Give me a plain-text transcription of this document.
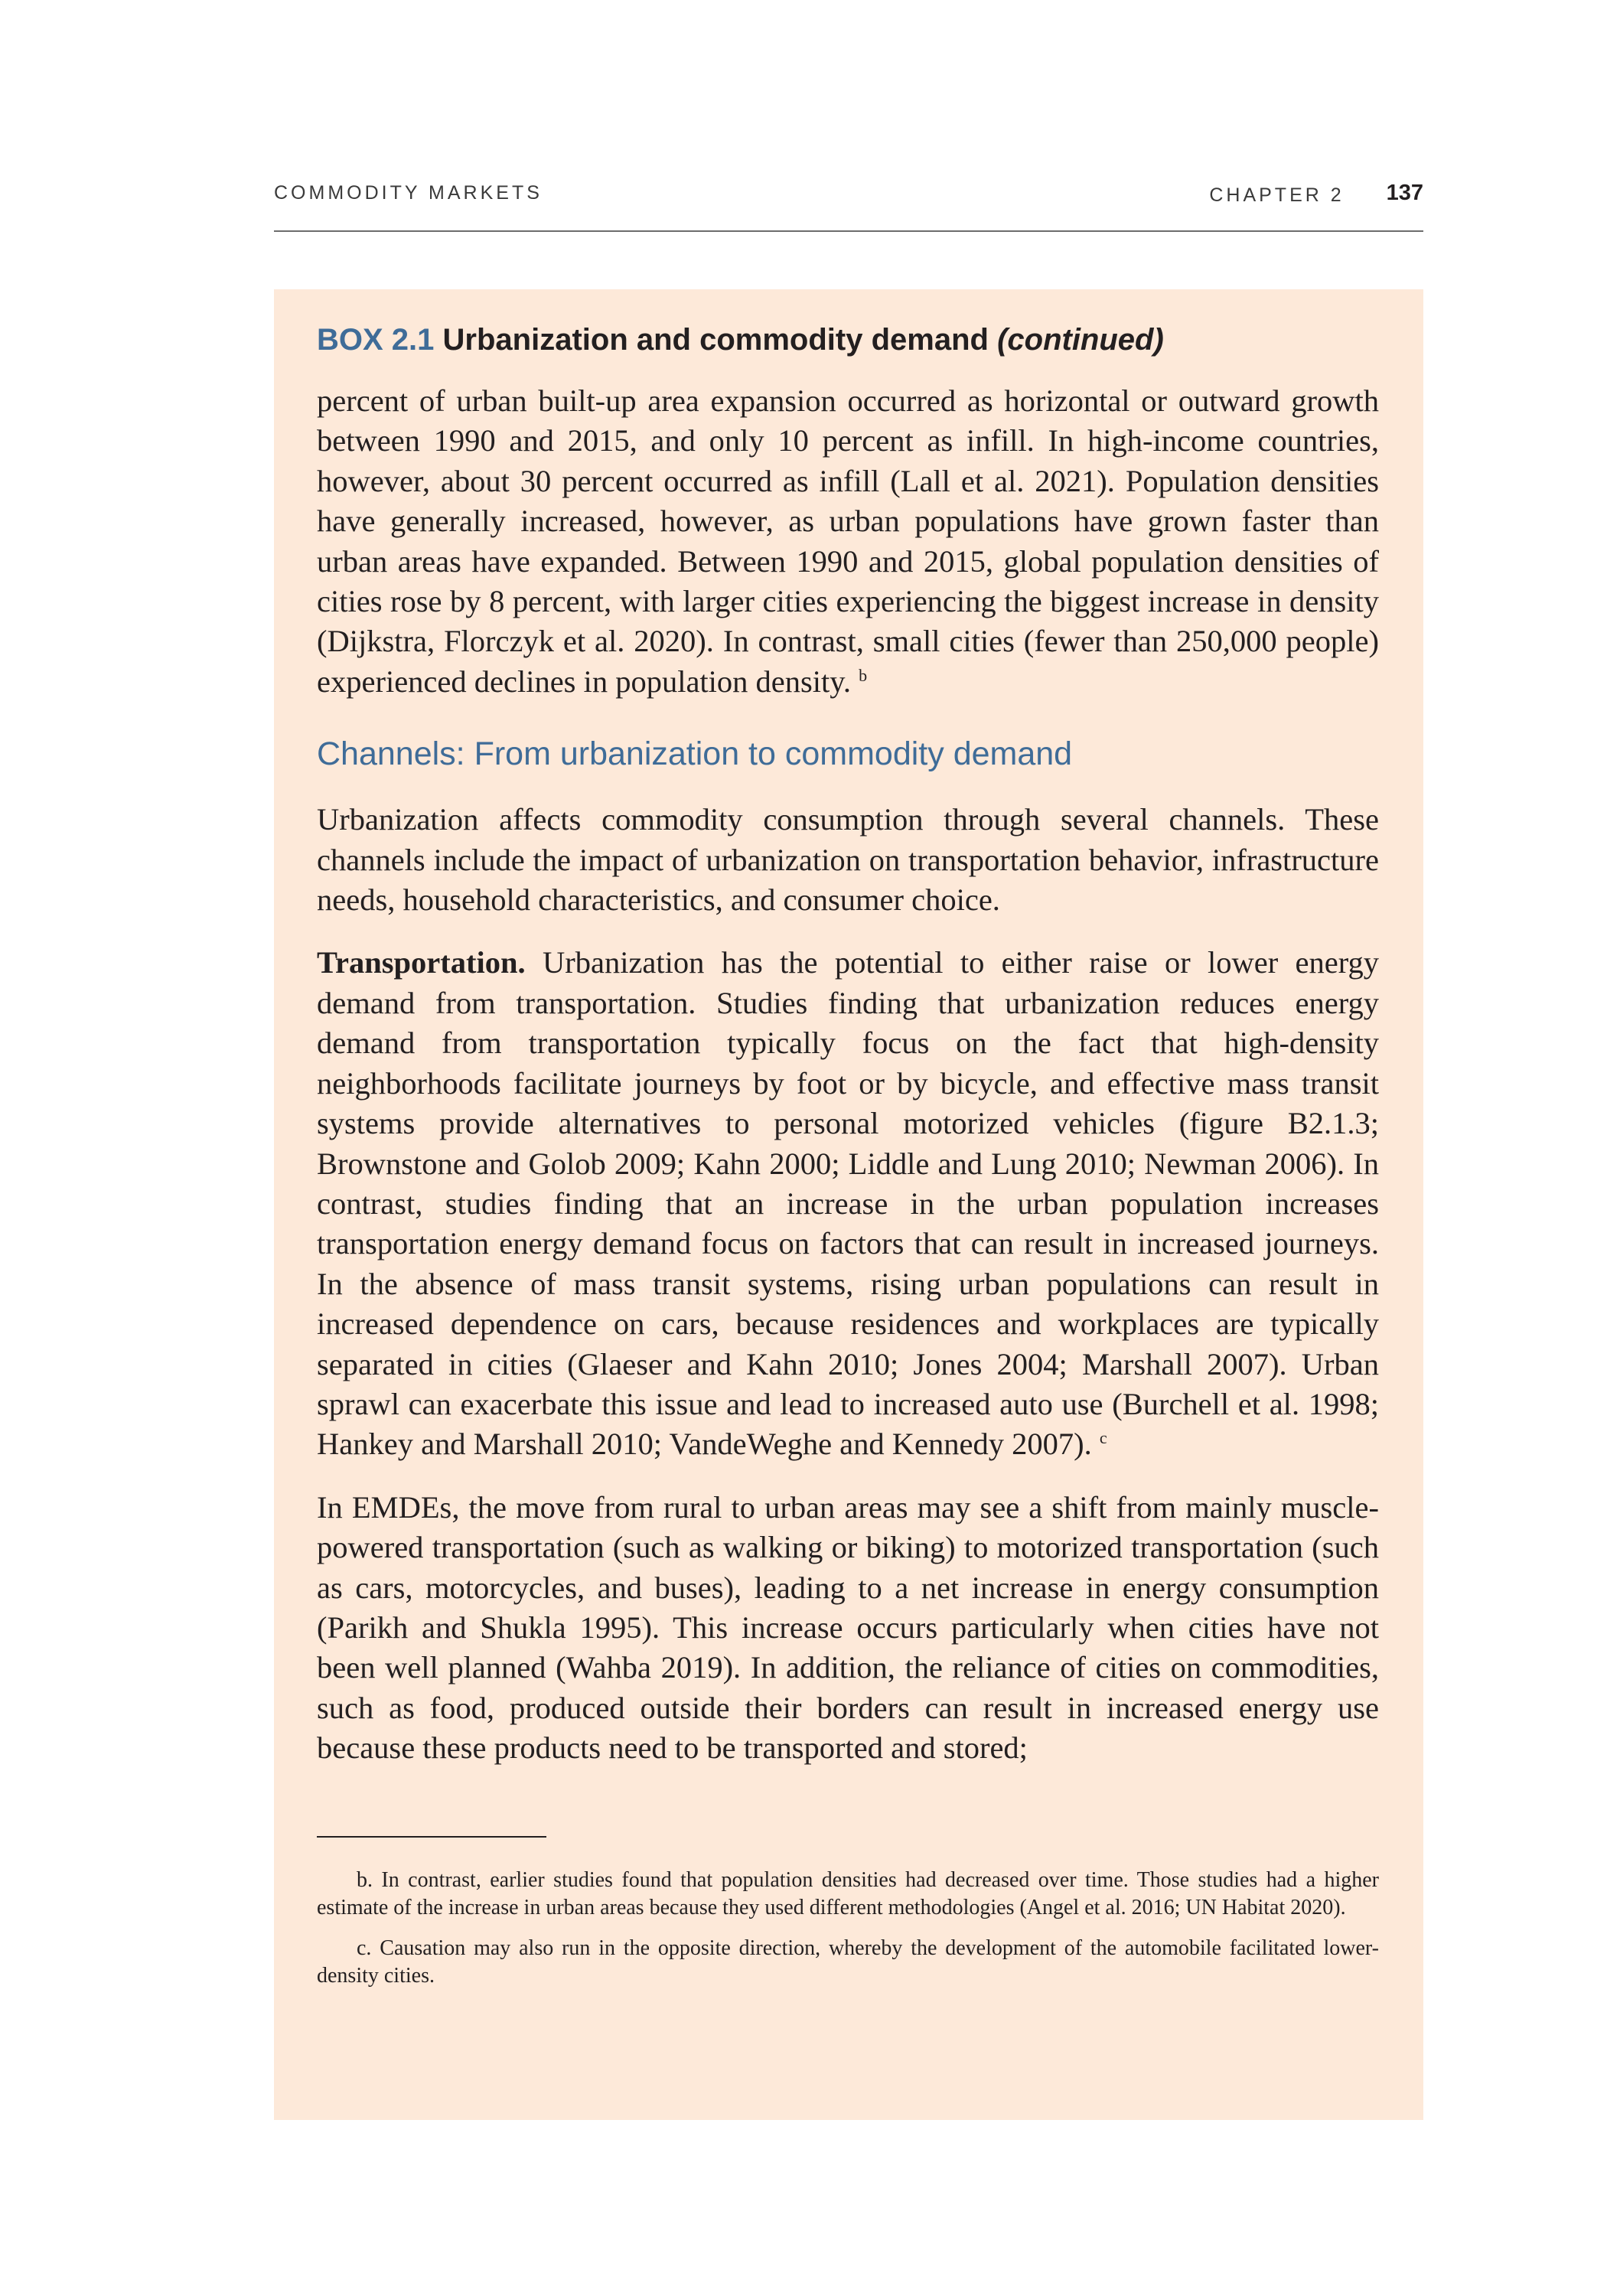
COMMODITY MARKETS	CHAPTER 2 137
BOX 2.1 Urbanization and commodity demand (continued)

percent of urban built-up area expansion occurred as horizontal or outward growth between 1990 and 2015, and only 10 percent as infill. In high-income countries, however, about 30 percent occurred as infill (Lall et al. 2021). Population densities have generally increased, however, as urban populations have grown faster than urban areas have expanded. Between 1990 and 2015, global population densities of cities rose by 8 percent, with larger cities experiencing the biggest increase in density (Dijkstra, Florczyk et al. 2020). In contrast, small cities (fewer than 250,000 people) experienced declines in population density. $^b$

Channels: From urbanization to commodity demand

Urbanization affects commodity consumption through several channels. These channels include the impact of urbanization on transportation behavior, infrastructure needs, household characteristics, and consumer choice.

Transportation. Urbanization has the potential to either raise or lower energy demand from transportation. Studies finding that urbanization reduces energy demand from transportation typically focus on the fact that high-density neighborhoods facilitate journeys by foot or by bicycle, and effective mass transit systems provide alternatives to personal motorized vehicles (figure B2.1.3; Brownstone and Golob 2009; Kahn 2000; Liddle and Lung 2010; Newman 2006). In contrast, studies finding that an increase in the urban population increases transportation energy demand focus on factors that can result in increased journeys. In the absence of mass transit systems, rising urban populations can result in increased dependence on cars, because residences and workplaces are typically separated in cities (Glaeser and Kahn 2010; Jones 2004; Marshall 2007). Urban sprawl can exacerbate this issue and lead to increased auto use (Burchell et al. 1998; Hankey and Marshall 2010; VandeWeghe and Kennedy 2007). $^c$

In EMDEs, the move from rural to urban areas may see a shift from mainly muscle-powered transportation (such as walking or biking) to motorized transportation (such as cars, motorcycles, and buses), leading to a net increase in energy consumption (Parikh and Shukla 1995). This increase occurs particularly when cities have not been well planned (Wahba 2019). In addition, the reliance of cities on commodities, such as food, produced outside their borders can result in increased energy use because these products need to be transported and stored;

b. In contrast, earlier studies found that population densities had decreased over time. Those studies had a higher estimate of the increase in urban areas because they used different methodologies (Angel et al. 2016; UN Habitat 2020).

c. Causation may also run in the opposite direction, whereby the development of the automobile facilitated lower-density cities.
